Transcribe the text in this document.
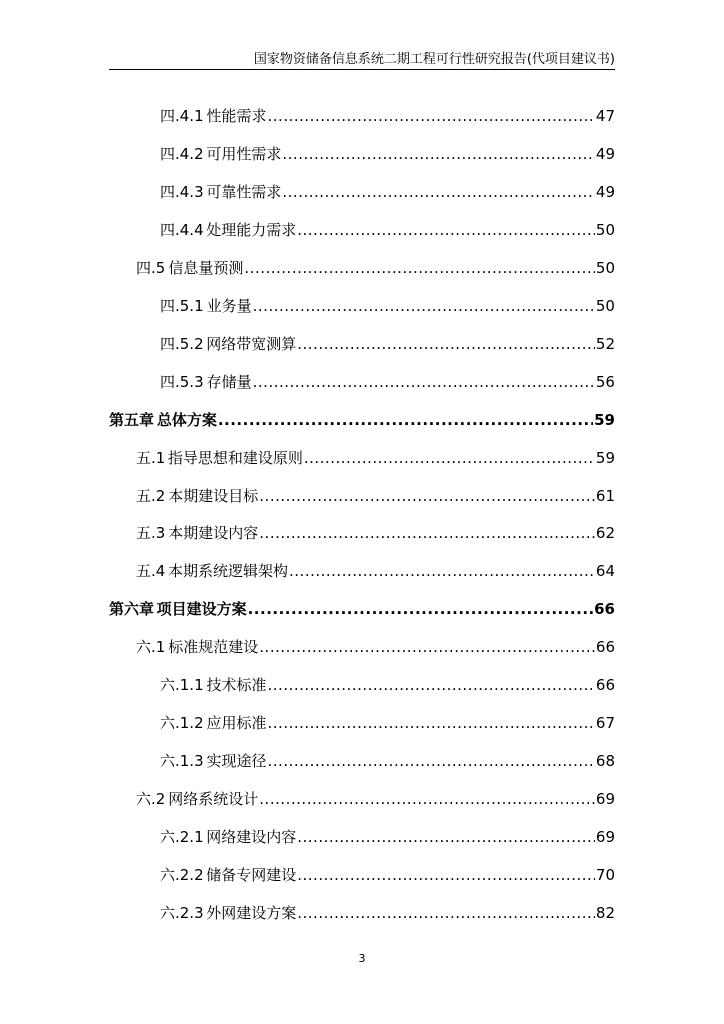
国家物资储备信息系统二期工程可行性研究报告(代项目建议书)
四.4.1 性能需求 .....	47
四.4.2 可用性需求 .....	49
四.4.3 可靠性需求 .....	49
四.4.4 处理能力需求 .....	50
四.5 信息量预测 .....	50
四.5.1 业务量 .....	50
四.5.2 网络带宽测算 .....	52
四.5.3 存储量 .....	56
第五章 总体方案 .....	59
五.1 指导思想和建设原则 .....	59
五.2 本期建设目标 .....	61
五.3 本期建设内容 .....	62
五.4 本期系统逻辑架构 .....	64
第六章 项目建设方案 .....	66
六.1 标准规范建设 .....	66
六.1.1 技术标准 .....	66
六.1.2 应用标准 .....	67
六.1.3 实现途径 .....	68
六.2 网络系统设计 .....	69
六.2.1 网络建设内容 .....	69
六.2.2 储备专网建设 .....	70
六.2.3 外网建设方案 .....	82
3
